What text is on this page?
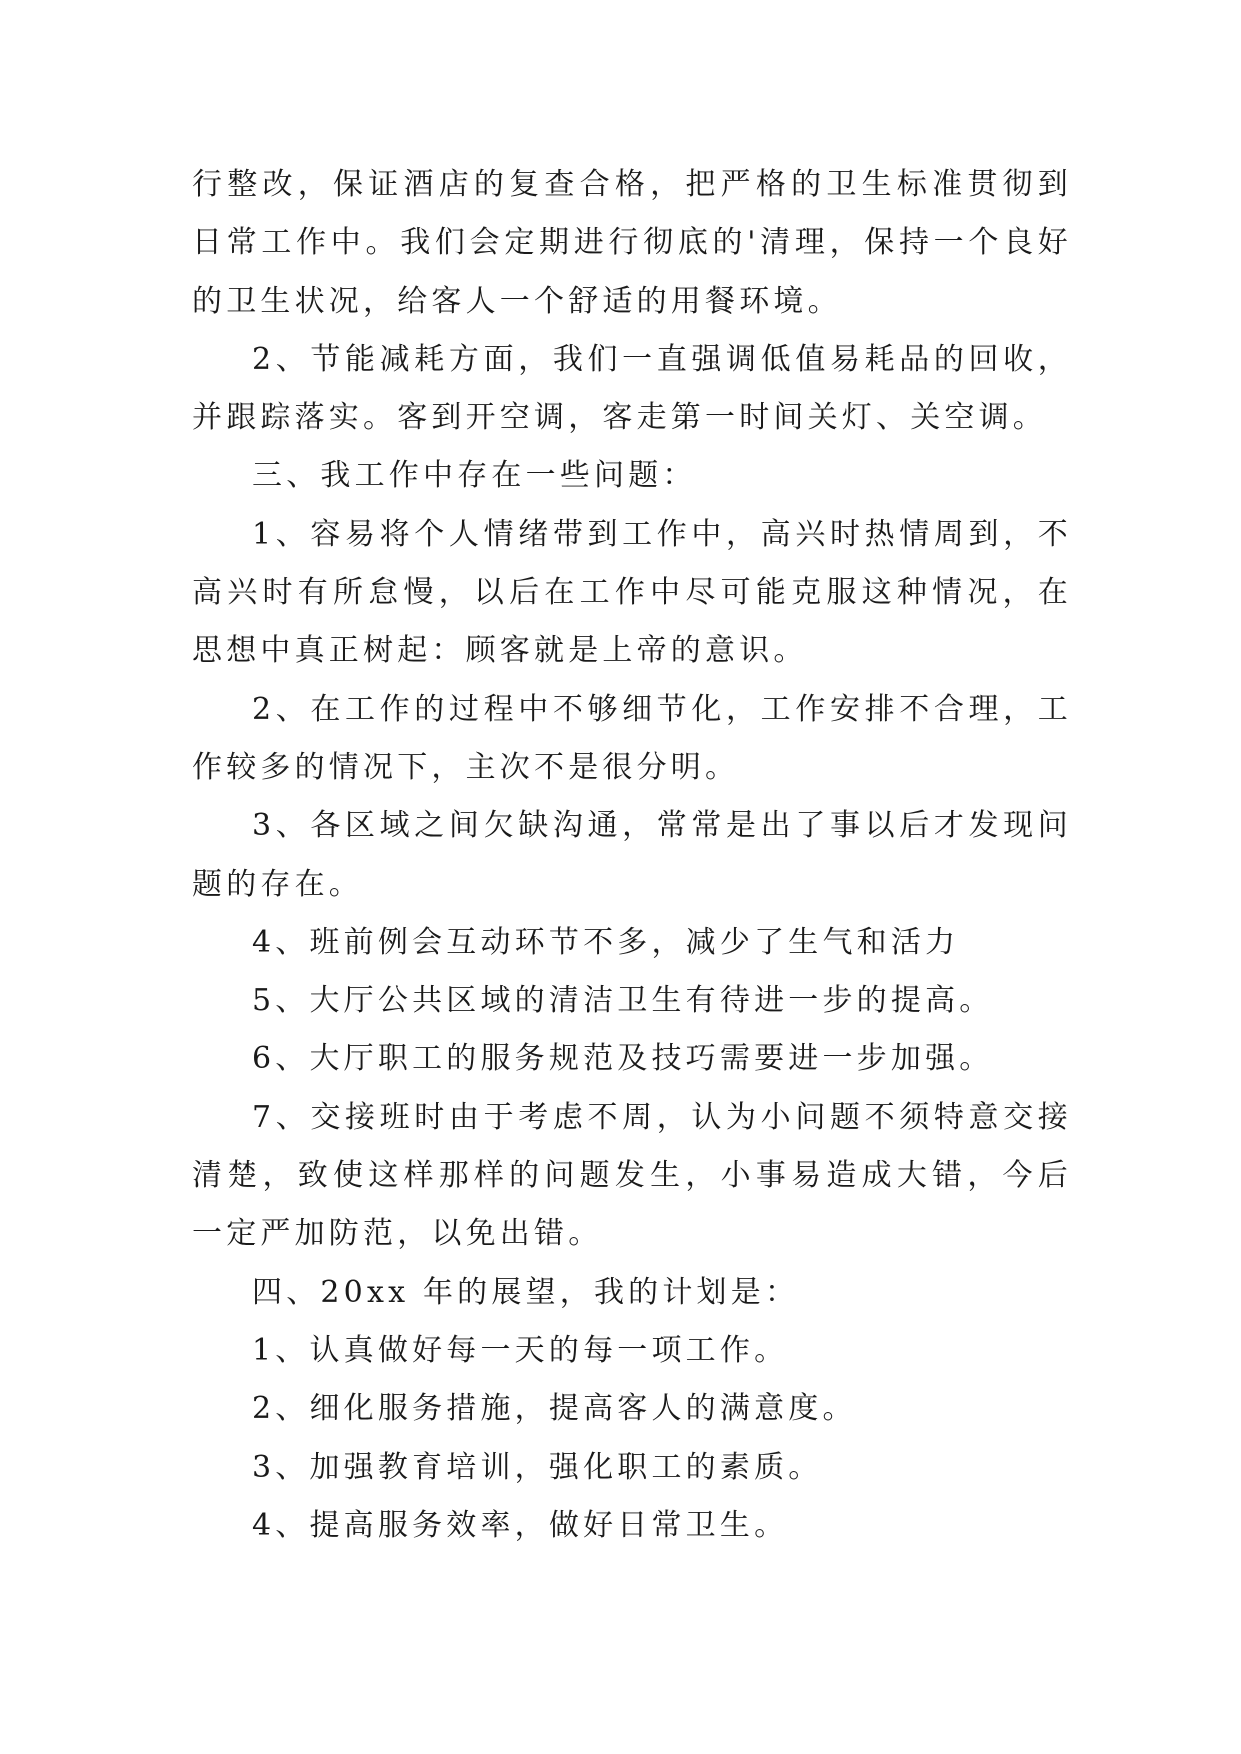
行整改，保证酒店的复查合格，把严格的卫生标准贯彻到日常工作中。我们会定期进行彻底的'清理，保持一个良好的卫生状况，给客人一个舒适的用餐环境。

2、节能减耗方面，我们一直强调低值易耗品的回收，并跟踪落实。客到开空调，客走第一时间关灯、关空调。

三、我工作中存在一些问题：

1、容易将个人情绪带到工作中，高兴时热情周到，不高兴时有所怠慢，以后在工作中尽可能克服这种情况，在思想中真正树起：顾客就是上帝的意识。

2、在工作的过程中不够细节化，工作安排不合理，工作较多的情况下，主次不是很分明。

3、各区域之间欠缺沟通，常常是出了事以后才发现问题的存在。

4、班前例会互动环节不多，减少了生气和活力

5、大厅公共区域的清洁卫生有待进一步的提高。

6、大厅职工的服务规范及技巧需要进一步加强。

7、交接班时由于考虑不周，认为小问题不须特意交接清楚，致使这样那样的问题发生，小事易造成大错，今后一定严加防范，以免出错。

四、20xx 年的展望，我的计划是：

1、认真做好每一天的每一项工作。

2、细化服务措施，提高客人的满意度。

3、加强教育培训，强化职工的素质。

4、提高服务效率，做好日常卫生。
